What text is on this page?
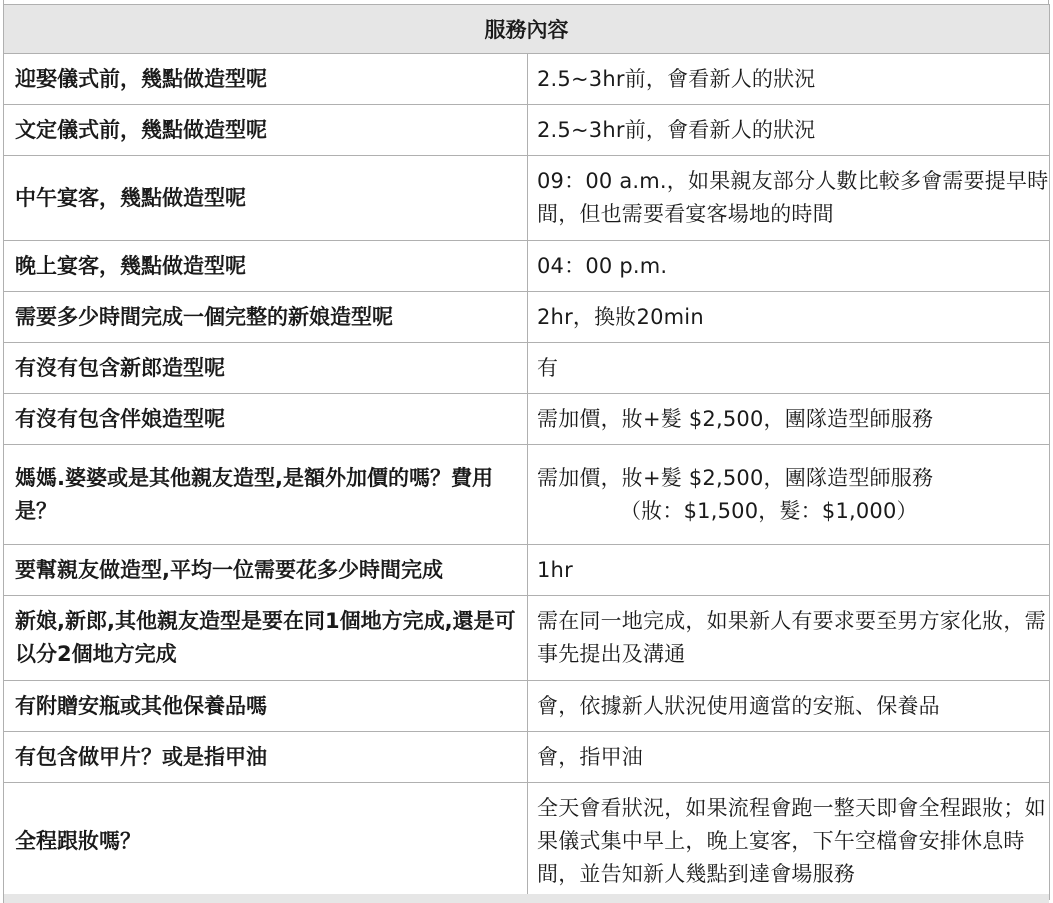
服務內容	
迎娶儀式前，幾點做造型呢	2.5~3hr前，會看新人的狀況
文定儀式前，幾點做造型呢	2.5~3hr前，會看新人的狀況
中午宴客，幾點做造型呢	09：00 a.m.，如果親友部分人數比較多會需要提早時間，但也需要看宴客場地的時間
晚上宴客，幾點做造型呢	04：00 p.m.
需要多少時間完成一個完整的新娘造型呢	2hr，換妝20min
有沒有包含新郎造型呢	有
有沒有包含伴娘造型呢	需加價，妝+髮 $2,500，團隊造型師服務
媽媽.婆婆或是其他親友造型,是額外加價的嗎？費用是？	需加價，妝+髮 $2,500，團隊造型師服務
（妝：$1,500，髮：$1,000）

要幫親友做造型,平均一位需要花多少時間完成	1hr
新娘,新郎,其他親友造型是要在同1個地方完成,還是可以分2個地方完成	需在同一地完成，如果新人有要求要至男方家化妝，需事先提出及溝通
有附贈安瓶或其他保養品嗎	會，依據新人狀況使用適當的安瓶、保養品
有包含做甲片？或是指甲油	會，指甲油
全程跟妝嗎？	全天會看狀況，如果流程會跑一整天即會全程跟妝；如果儀式集中早上，晚上宴客，下午空檔會安排休息時間，並告知新人幾點到達會場服務
